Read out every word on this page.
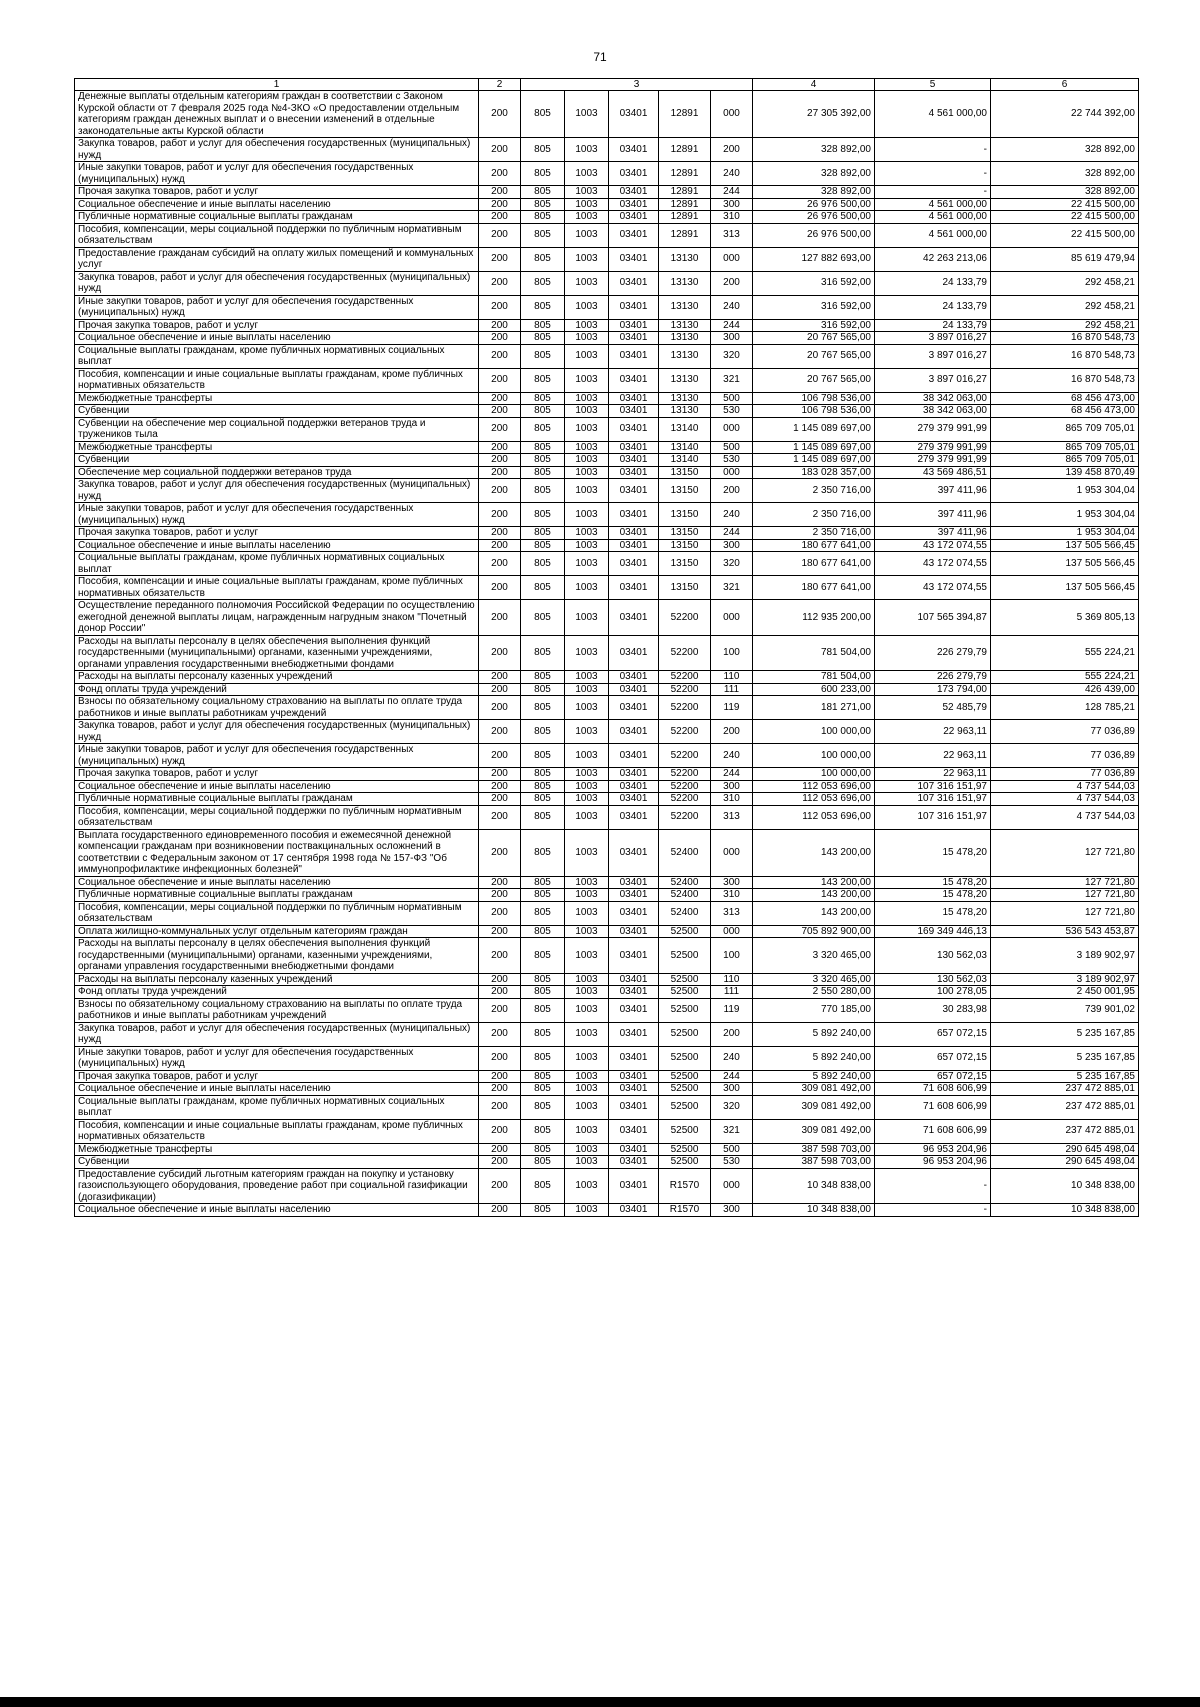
71
1	2	3					4	5	6
Денежные выплаты отдельным категориям граждан в соответствии с Законом Курской области от 7 февраля 2025 года №4-ЗКО «О предоставлении отдельным категориям граждан денежных выплат и о внесении изменений в отдельные законодательные акты Курской области	200	805	1003	03401	12891	000	27 305 392,00	4 561 000,00	22 744 392,00
Закупка товаров, работ и услуг для обеспечения государственных (муниципальных) нужд	200	805	1003	03401	12891	200	328 892,00	-	328 892,00
Иные закупки товаров, работ и услуг для обеспечения государственных (муниципальных) нужд	200	805	1003	03401	12891	240	328 892,00	-	328 892,00
Прочая закупка товаров, работ и услуг	200	805	1003	03401	12891	244	328 892,00	-	328 892,00
Социальное обеспечение и иные выплаты населению	200	805	1003	03401	12891	300	26 976 500,00	4 561 000,00	22 415 500,00
Публичные нормативные социальные выплаты гражданам	200	805	1003	03401	12891	310	26 976 500,00	4 561 000,00	22 415 500,00
Пособия, компенсации, меры социальной поддержки по публичным нормативным обязательствам	200	805	1003	03401	12891	313	26 976 500,00	4 561 000,00	22 415 500,00
Предоставление гражданам субсидий на оплату жилых помещений и коммунальных услуг	200	805	1003	03401	13130	000	127 882 693,00	42 263 213,06	85 619 479,94
Закупка товаров, работ и услуг для обеспечения государственных (муниципальных) нужд	200	805	1003	03401	13130	200	316 592,00	24 133,79	292 458,21
Иные закупки товаров, работ и услуг для обеспечения государственных (муниципальных) нужд	200	805	1003	03401	13130	240	316 592,00	24 133,79	292 458,21
Прочая закупка товаров, работ и услуг	200	805	1003	03401	13130	244	316 592,00	24 133,79	292 458,21
Социальное обеспечение и иные выплаты населению	200	805	1003	03401	13130	300	20 767 565,00	3 897 016,27	16 870 548,73
Социальные выплаты гражданам, кроме публичных нормативных социальных выплат	200	805	1003	03401	13130	320	20 767 565,00	3 897 016,27	16 870 548,73
Пособия, компенсации и иные социальные выплаты гражданам, кроме публичных нормативных обязательств	200	805	1003	03401	13130	321	20 767 565,00	3 897 016,27	16 870 548,73
Межбюджетные трансферты	200	805	1003	03401	13130	500	106 798 536,00	38 342 063,00	68 456 473,00
Субвенции	200	805	1003	03401	13130	530	106 798 536,00	38 342 063,00	68 456 473,00
Субвенции на обеспечение мер социальной поддержки ветеранов труда и тружеников тыла	200	805	1003	03401	13140	000	1 145 089 697,00	279 379 991,99	865 709 705,01
Межбюджетные трансферты	200	805	1003	03401	13140	500	1 145 089 697,00	279 379 991,99	865 709 705,01
Субвенции	200	805	1003	03401	13140	530	1 145 089 697,00	279 379 991,99	865 709 705,01
Обеспечение мер социальной поддержки ветеранов труда	200	805	1003	03401	13150	000	183 028 357,00	43 569 486,51	139 458 870,49
Закупка товаров, работ и услуг для обеспечения государственных (муниципальных) нужд	200	805	1003	03401	13150	200	2 350 716,00	397 411,96	1 953 304,04
Иные закупки товаров, работ и услуг для обеспечения государственных (муниципальных) нужд	200	805	1003	03401	13150	240	2 350 716,00	397 411,96	1 953 304,04
Прочая закупка товаров, работ и услуг	200	805	1003	03401	13150	244	2 350 716,00	397 411,96	1 953 304,04
Социальное обеспечение и иные выплаты населению	200	805	1003	03401	13150	300	180 677 641,00	43 172 074,55	137 505 566,45
Социальные выплаты гражданам, кроме публичных нормативных социальных выплат	200	805	1003	03401	13150	320	180 677 641,00	43 172 074,55	137 505 566,45
Пособия, компенсации и иные социальные выплаты гражданам, кроме публичных нормативных обязательств	200	805	1003	03401	13150	321	180 677 641,00	43 172 074,55	137 505 566,45
Осуществление переданного полномочия Российской Федерации по осуществлению ежегодной денежной выплаты лицам, награжденным нагрудным знаком "Почетный донор России"	200	805	1003	03401	52200	000	112 935 200,00	107 565 394,87	5 369 805,13
Расходы на выплаты персоналу в целях обеспечения выполнения функций государственными (муниципальными) органами, казенными учреждениями, органами управления государственными внебюджетными фондами	200	805	1003	03401	52200	100	781 504,00	226 279,79	555 224,21
Расходы на выплаты персоналу казенных учреждений	200	805	1003	03401	52200	110	781 504,00	226 279,79	555 224,21
Фонд оплаты труда учреждений	200	805	1003	03401	52200	111	600 233,00	173 794,00	426 439,00
Взносы по обязательному социальному страхованию на выплаты по оплате труда работников и иные выплаты работникам учреждений	200	805	1003	03401	52200	119	181 271,00	52 485,79	128 785,21
Закупка товаров, работ и услуг для обеспечения государственных (муниципальных) нужд	200	805	1003	03401	52200	200	100 000,00	22 963,11	77 036,89
Иные закупки товаров, работ и услуг для обеспечения государственных (муниципальных) нужд	200	805	1003	03401	52200	240	100 000,00	22 963,11	77 036,89
Прочая закупка товаров, работ и услуг	200	805	1003	03401	52200	244	100 000,00	22 963,11	77 036,89
Социальное обеспечение и иные выплаты населению	200	805	1003	03401	52200	300	112 053 696,00	107 316 151,97	4 737 544,03
Публичные нормативные социальные выплаты гражданам	200	805	1003	03401	52200	310	112 053 696,00	107 316 151,97	4 737 544,03
Пособия, компенсации, меры социальной поддержки по публичным нормативным обязательствам	200	805	1003	03401	52200	313	112 053 696,00	107 316 151,97	4 737 544,03
Выплата государственного единовременного пособия и ежемесячной денежной компенсации гражданам при возникновении поствакцинальных осложнений в соответствии с Федеральным законом от 17 сентября 1998 года № 157-ФЗ "Об иммунопрофилактике инфекционных болезней"	200	805	1003	03401	52400	000	143 200,00	15 478,20	127 721,80
Социальное обеспечение и иные выплаты населению	200	805	1003	03401	52400	300	143 200,00	15 478,20	127 721,80
Публичные нормативные социальные выплаты гражданам	200	805	1003	03401	52400	310	143 200,00	15 478,20	127 721,80
Пособия, компенсации, меры социальной поддержки по публичным нормативным обязательствам	200	805	1003	03401	52400	313	143 200,00	15 478,20	127 721,80
Оплата жилищно-коммунальных услуг отдельным категориям граждан	200	805	1003	03401	52500	000	705 892 900,00	169 349 446,13	536 543 453,87
Расходы на выплаты персоналу в целях обеспечения выполнения функций государственными (муниципальными) органами, казенными учреждениями, органами управления государственными внебюджетными фондами	200	805	1003	03401	52500	100	3 320 465,00	130 562,03	3 189 902,97
Расходы на выплаты персоналу казенных учреждений	200	805	1003	03401	52500	110	3 320 465,00	130 562,03	3 189 902,97
Фонд оплаты труда учреждений	200	805	1003	03401	52500	111	2 550 280,00	100 278,05	2 450 001,95
Взносы по обязательному социальному страхованию на выплаты по оплате труда работников и иные выплаты работникам учреждений	200	805	1003	03401	52500	119	770 185,00	30 283,98	739 901,02
Закупка товаров, работ и услуг для обеспечения государственных (муниципальных) нужд	200	805	1003	03401	52500	200	5 892 240,00	657 072,15	5 235 167,85
Иные закупки товаров, работ и услуг для обеспечения государственных (муниципальных) нужд	200	805	1003	03401	52500	240	5 892 240,00	657 072,15	5 235 167,85
Прочая закупка товаров, работ и услуг	200	805	1003	03401	52500	244	5 892 240,00	657 072,15	5 235 167,85
Социальное обеспечение и иные выплаты населению	200	805	1003	03401	52500	300	309 081 492,00	71 608 606,99	237 472 885,01
Социальные выплаты гражданам, кроме публичных нормативных социальных выплат	200	805	1003	03401	52500	320	309 081 492,00	71 608 606,99	237 472 885,01
Пособия, компенсации и иные социальные выплаты гражданам, кроме публичных нормативных обязательств	200	805	1003	03401	52500	321	309 081 492,00	71 608 606,99	237 472 885,01
Межбюджетные трансферты	200	805	1003	03401	52500	500	387 598 703,00	96 953 204,96	290 645 498,04
Субвенции	200	805	1003	03401	52500	530	387 598 703,00	96 953 204,96	290 645 498,04
Предоставление субсидий льготным категориям граждан на покупку и установку газоиспользующего оборудования, проведение работ при социальной газификации (догазификации)	200	805	1003	03401	R1570	000	10 348 838,00	-	10 348 838,00
Социальное обеспечение и иные выплаты населению	200	805	1003	03401	R1570	300	10 348 838,00	-	10 348 838,00
